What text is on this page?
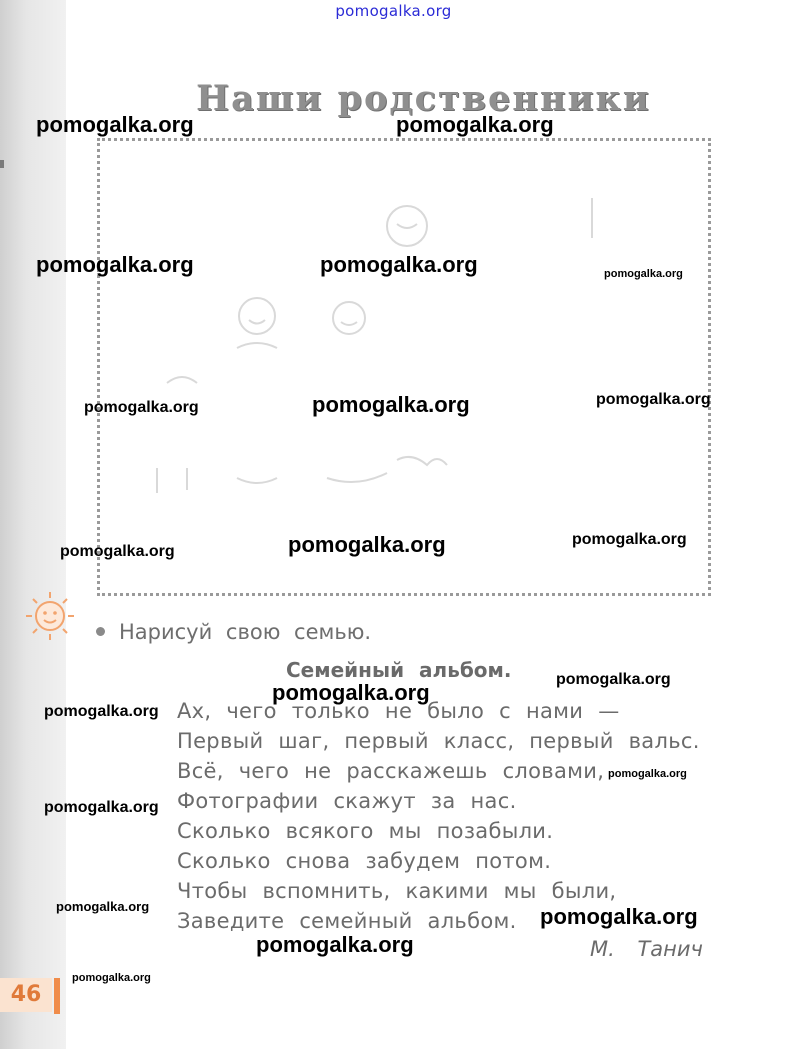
pomogalka.org
Наши родственники
Нарисуй свою семью.
Семейный альбом.
Ах, чего только не было с нами —
Первый шаг, первый класс, первый вальс.
Всё, чего не расскажешь словами,
Фотографии скажут за нас.
Сколько всякого мы позабыли.
Сколько снова забудем потом.
Чтобы вспомнить, какими мы были,
Заведите семейный альбом.
М. Танич
46
pomogalka.org	pomogalka.org
pomogalka.org	pomogalka.org	pomogalka.org
pomogalka.org	pomogalka.org	pomogalka.org
pomogalka.org	pomogalka.org	pomogalka.org
pomogalka.org
pomogalka.org
pomogalka.org
pomogalka.org
pomogalka.org
pomogalka.org	pomogalka.org
pomogalka.org
pomogalka.org
